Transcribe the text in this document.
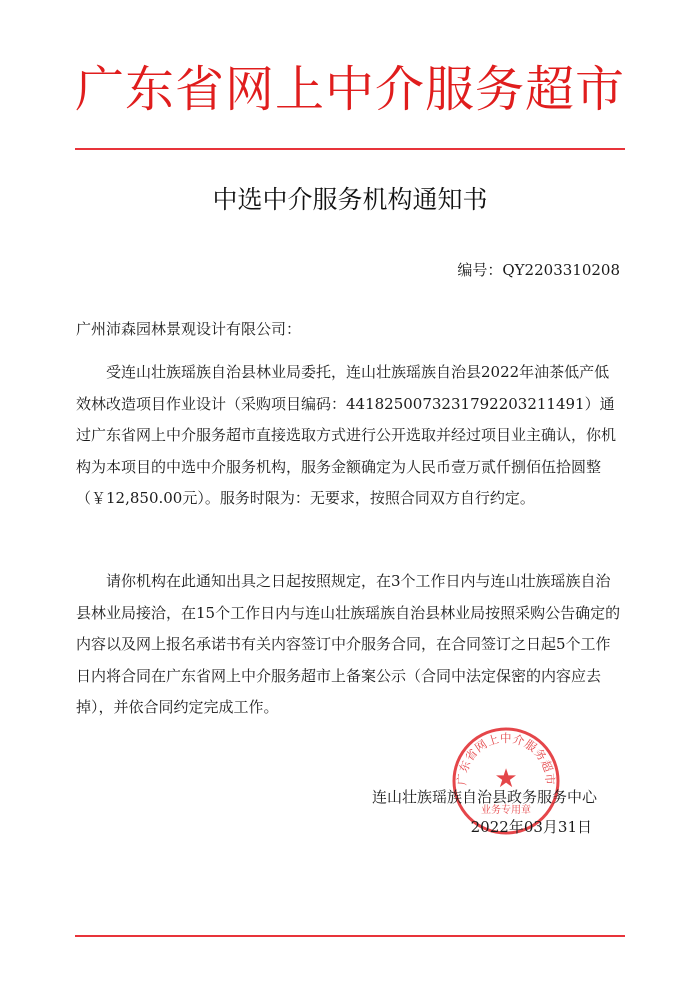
广东省网上中介服务超市
中选中介服务机构通知书
编号：QY2203310208
广州沛森园林景观设计有限公司：
受连山壮族瑶族自治县林业局委托，连山壮族瑶族自治县2022年油茶低产低效林改造项目作业设计（采购项目编码：441825007323179220321149​1）通过广东省网上中介服务超市直接选取方式进行公开选取并经过项目业主确认，你机构为本项目的中选中介服务机构，服务金额确定为人民币壹万贰仟捌佰伍拾圆整（￥12,850.00元）。服务时限为：无要求，按照合同双方自行约定。
请你机构在此通知出具之日起按照规定，在3个工作日内与连山壮族瑶族自治县林业局接洽，在15个工作日内与连山壮族瑶族自治县林业局按照采购公告确定的内容以及网上报名承诺书有关内容签订中介服务合同，在合同签订之日起5个工作日内将合同在广东省网上中介服务超市上备案公示（合同中法定保密的内容应去掉），并依合同约定完成工作。
广东省网上中介服务超市
★
业务专用章
连山壮族瑶族自治县政务服务中心
2022年03月31日
